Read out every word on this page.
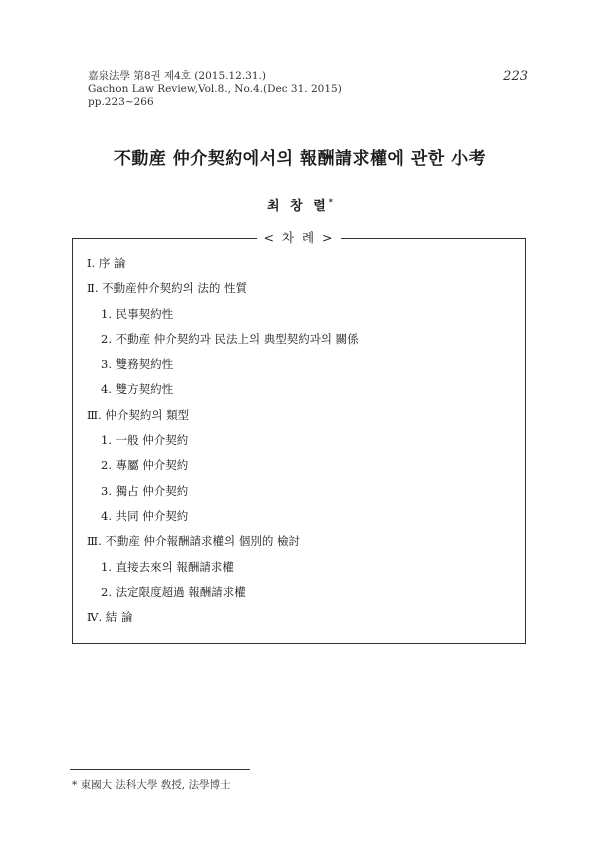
嘉泉法學 第8권 제4호 (2015.12.31.)
Gachon Law Review,Vol.8., No.4.(Dec 31. 2015)
pp.223~266
223
不動産 仲介契約에서의 報酬請求權에 관한 小考
최 창 렬*
< 차 례 >
Ⅰ. 序 論
Ⅱ. 不動産仲介契約의 法的 性質
1. 民事契約性
2. 不動産 仲介契約과 民法上의 典型契約과의 關係
3. 雙務契約性
4. 雙方契約性
Ⅲ. 仲介契約의 類型
1. 一般 仲介契約
2. 專屬 仲介契約
3. 獨占 仲介契約
4. 共同 仲介契約
Ⅲ. 不動産 仲介報酬請求權의 個別的 檢討
1. 直接去來의 報酬請求權
2. 法定限度超過 報酬請求權
Ⅳ. 結 論
* 東國大 法科大學 敎授, 法學博士
